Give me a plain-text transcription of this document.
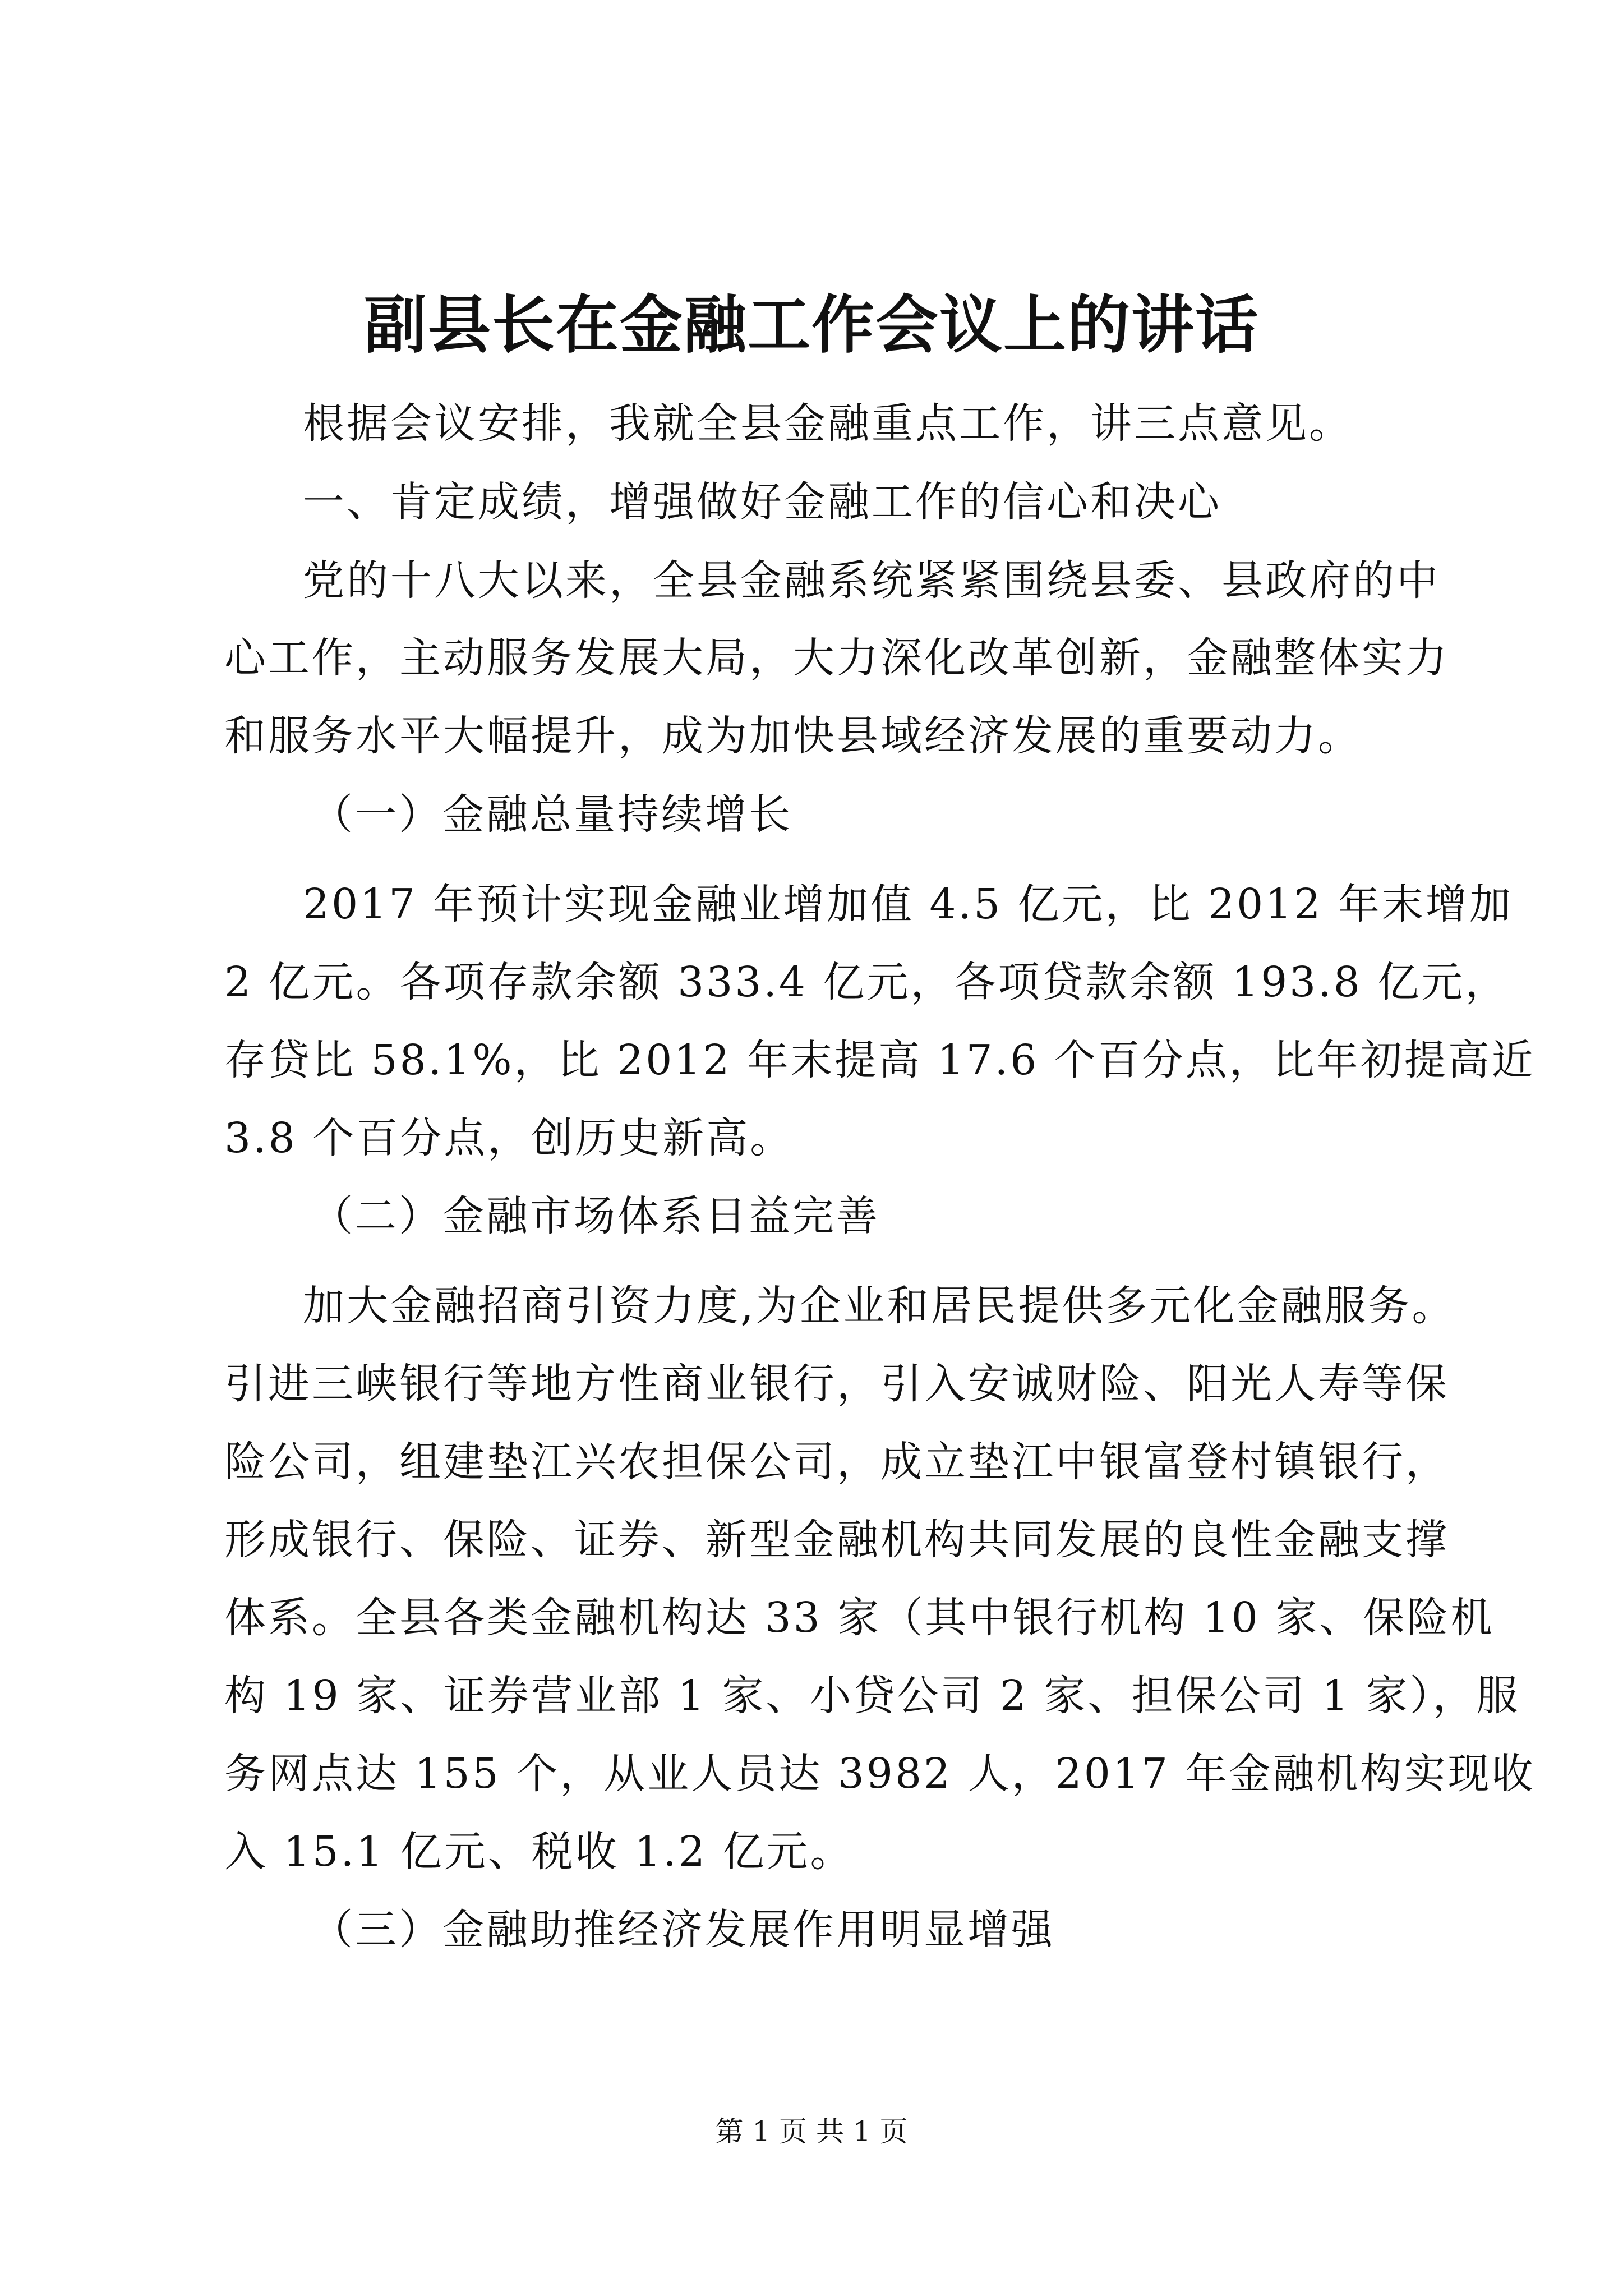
副县长在金融工作会议上的讲话
根据会议安排，我就全县金融重点工作，讲三点意见。
一、肯定成绩，增强做好金融工作的信心和决心
党的十八大以来，全县金融系统紧紧围绕县委、县政府的中
心工作，主动服务发展大局，大力深化改革创新，金融整体实力
和服务水平大幅提升，成为加快县域经济发展的重要动力。
（一）金融总量持续增长
2017 年预计实现金融业增加值 4.5 亿元，比 2012 年末增加
2 亿元。各项存款余额 333.4 亿元，各项贷款余额 193.8 亿元，
存贷比 58.1%，比 2012 年末提高 17.6 个百分点，比年初提高近
3.8 个百分点，创历史新高。
（二）金融市场体系日益完善
加大金融招商引资力度,为企业和居民提供多元化金融服务。
引进三峡银行等地方性商业银行，引入安诚财险、阳光人寿等保
险公司，组建垫江兴农担保公司，成立垫江中银富登村镇银行，
形成银行、保险、证券、新型金融机构共同发展的良性金融支撑
体系。全县各类金融机构达 33 家（其中银行机构 10 家、保险机
构 19 家、证券营业部 1 家、小贷公司 2 家、担保公司 1 家），服
务网点达 155 个，从业人员达 3982 人，2017 年金融机构实现收
入 15.1 亿元、税收 1.2 亿元。
（三）金融助推经济发展作用明显增强
第 1 页 共 1 页
